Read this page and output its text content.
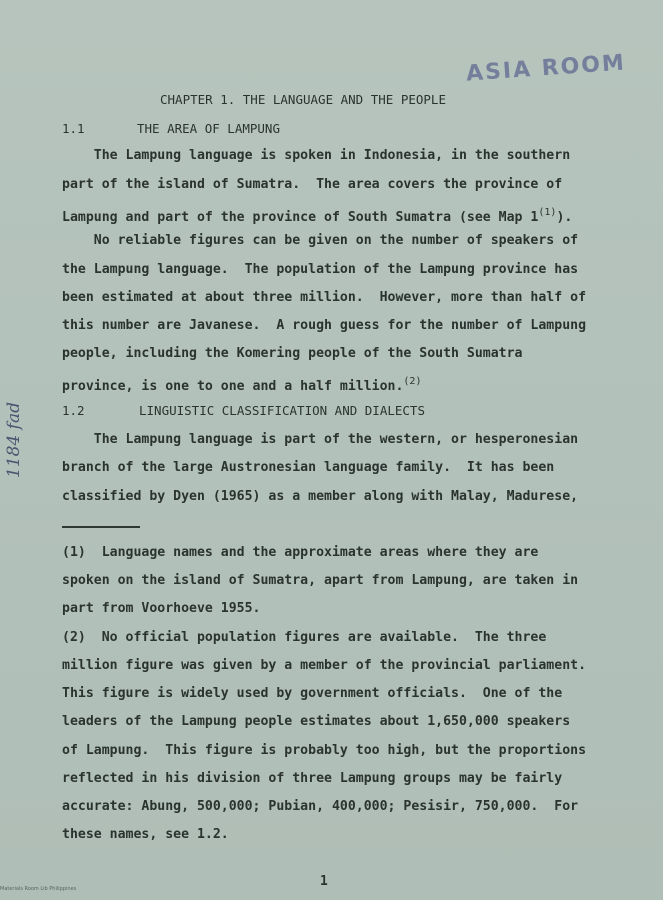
ASIA ROOM
1184 fad
CHAPTER 1. THE LANGUAGE AND THE PEOPLE
1.1	THE AREA OF LAMPUNG
The Lampung language is spoken in Indonesia, in the southern
part of the island of Sumatra.  The area covers the province of
Lampung and part of the province of South Sumatra (see Map 1$^{(1)}$).
No reliable figures can be given on the number of speakers of
the Lampung language.  The population of the Lampung province has
been estimated at about three million.  However, more than half of
this number are Javanese.  A rough guess for the number of Lampung
people, including the Komering people of the South Sumatra
province, is one to one and a half million.$^{(2)}$
1.2	LINGUISTIC CLASSIFICATION AND DIALECTS
The Lampung language is part of the western, or hesperonesian
branch of the large Austronesian language family.  It has been
classified by Dyen (1965) as a member along with Malay, Madurese,
(1)  Language names and the approximate areas where they are
spoken on the island of Sumatra, apart from Lampung, are taken in
part from Voorhoeve 1955.
(2)  No official population figures are available.  The three
million figure was given by a member of the provincial parliament.
This figure is widely used by government officials.  One of the
leaders of the Lampung people estimates about 1,650,000 speakers
of Lampung.  This figure is probably too high, but the proportions
reflected in his division of three Lampung groups may be fairly
accurate: Abung, 500,000; Pubian, 400,000; Pesisir, 750,000.  For
these names, see 1.2.
1
Materials Room Lib Philippines
